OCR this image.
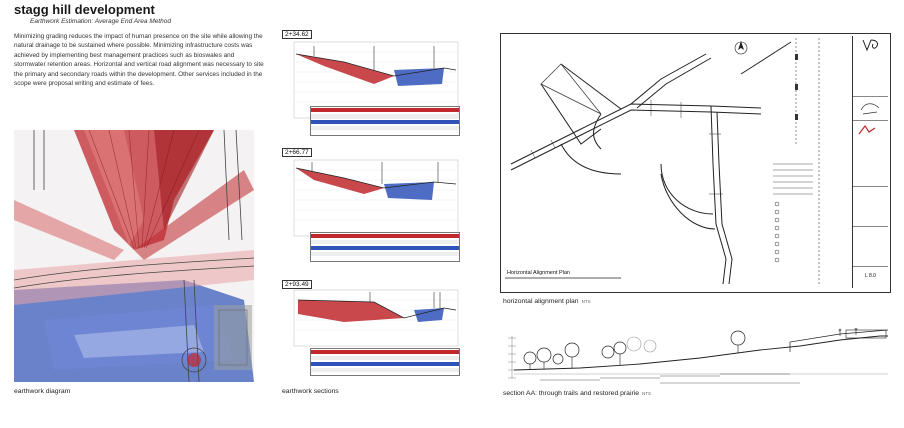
stagg hill development
Earthwork Estimation: Average End Area Method
Minimizing grading reduces the impact of human presence on the site while allowing the natural drainage to be sustained where possible. Minimizing infrastructure costs was achieved by implementing best management practices such as bioswales and stormwater retention areas. Horizontal and vertical road alignment was necessary to site the primary and secondary roads within the development. Other services included in the scope were proposal writing and estimate of fees.
earthwork diagram
2+34.62
2+66.77
2+93.49
earthwork sections
Horizontal Alignment Plan	L 8.0
horizontal alignment plan NTS
section AA: through trails and restored prairie NTS
